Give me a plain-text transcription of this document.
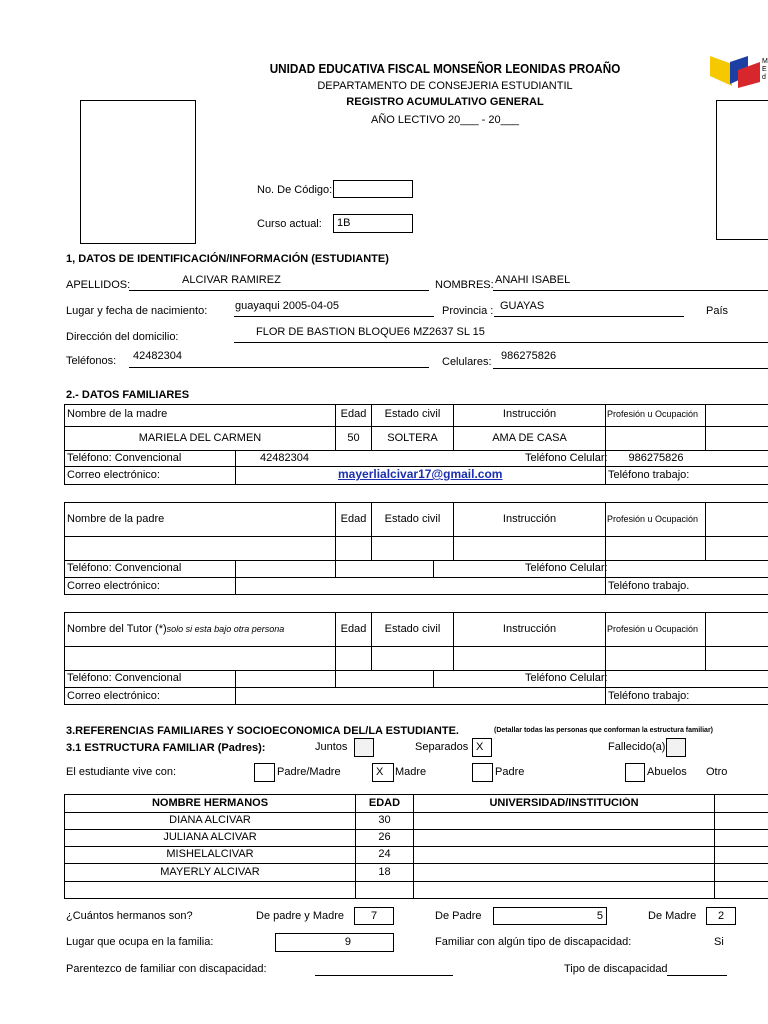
UNIDAD EDUCATIVA FISCAL MONSEÑOR LEONIDAS PROAÑO
DEPARTAMENTO DE CONSEJERIA ESTUDIANTIL
REGISTRO ACUMULATIVO GENERAL
AÑO LECTIVO 20___ - 20___
M
E
d
No. De Código:
Curso actual:	1B
1, DATOS DE IDENTIFICACIÓN/INFORMACIÓN (ESTUDIANTE)
APELLIDOS:	ALCIVAR RAMIREZ	NOMBRES: ANAHI ISABEL
Lugar y fecha de nacimiento:	guayaqui 2005-04-05	Provincia : GUAYAS	País
Dirección del domicilio:	FLOR DE BASTION BLOQUE6 MZ2637 SL 15
Teléfonos: 42482304	Celulares: 986275826
2.- DATOS FAMILIARES
Nombre de la madre	Edad	Estado civil	Instrucción	Profesión u Ocupación
MARIELA DEL CARMEN	50	SOLTERA	AMA DE CASA
Teléfono: Convencional	42482304	Teléfono Celular:	986275826
Correo electrónico:	mayerlialcivar17@gmail.com	Teléfono trabajo:
Nombre de la padre	Edad	Estado civil	Instrucción	Profesión u Ocupación
Teléfono: Convencional	Teléfono Celular:
Correo electrónico:	Teléfono trabajo.
Nombre del Tutor (*)solo si esta bajo otra persona	Edad	Estado civil	Instrucción	Profesión u Ocupación
Teléfono: Convencional	Teléfono Celular:
Correo electrónico:	Teléfono trabajo:
3.REFERENCIAS FAMILIARES Y SOCIOECONOMICA DEL/LA ESTUDIANTE.	(Detallar todas las personas que conforman la estructura familiar)
3.1 ESTRUCTURA FAMILIAR (Padres):	Juntos	Separados X	Fallecido(a)
El estudiante vive con:	Padre/Madre	X	Madre	Padre	Abuelos Otro
NOMBRE HERMANOS	EDAD	UNIVERSIDAD/INSTITUCIÓN
DIANA ALCIVAR	30
JULIANA ALCIVAR	26
MISHELALCIVAR	24
MAYERLY ALCIVAR	18
¿Cuántos hermanos son?	De padre y Madre	7	De Padre	5	De Madre	2
Lugar que ocupa en la familia:	9	Familiar con algún tipo de discapacidad:	Si
Parentezco de familiar con discapacidad:	Tipo de discapacidad
